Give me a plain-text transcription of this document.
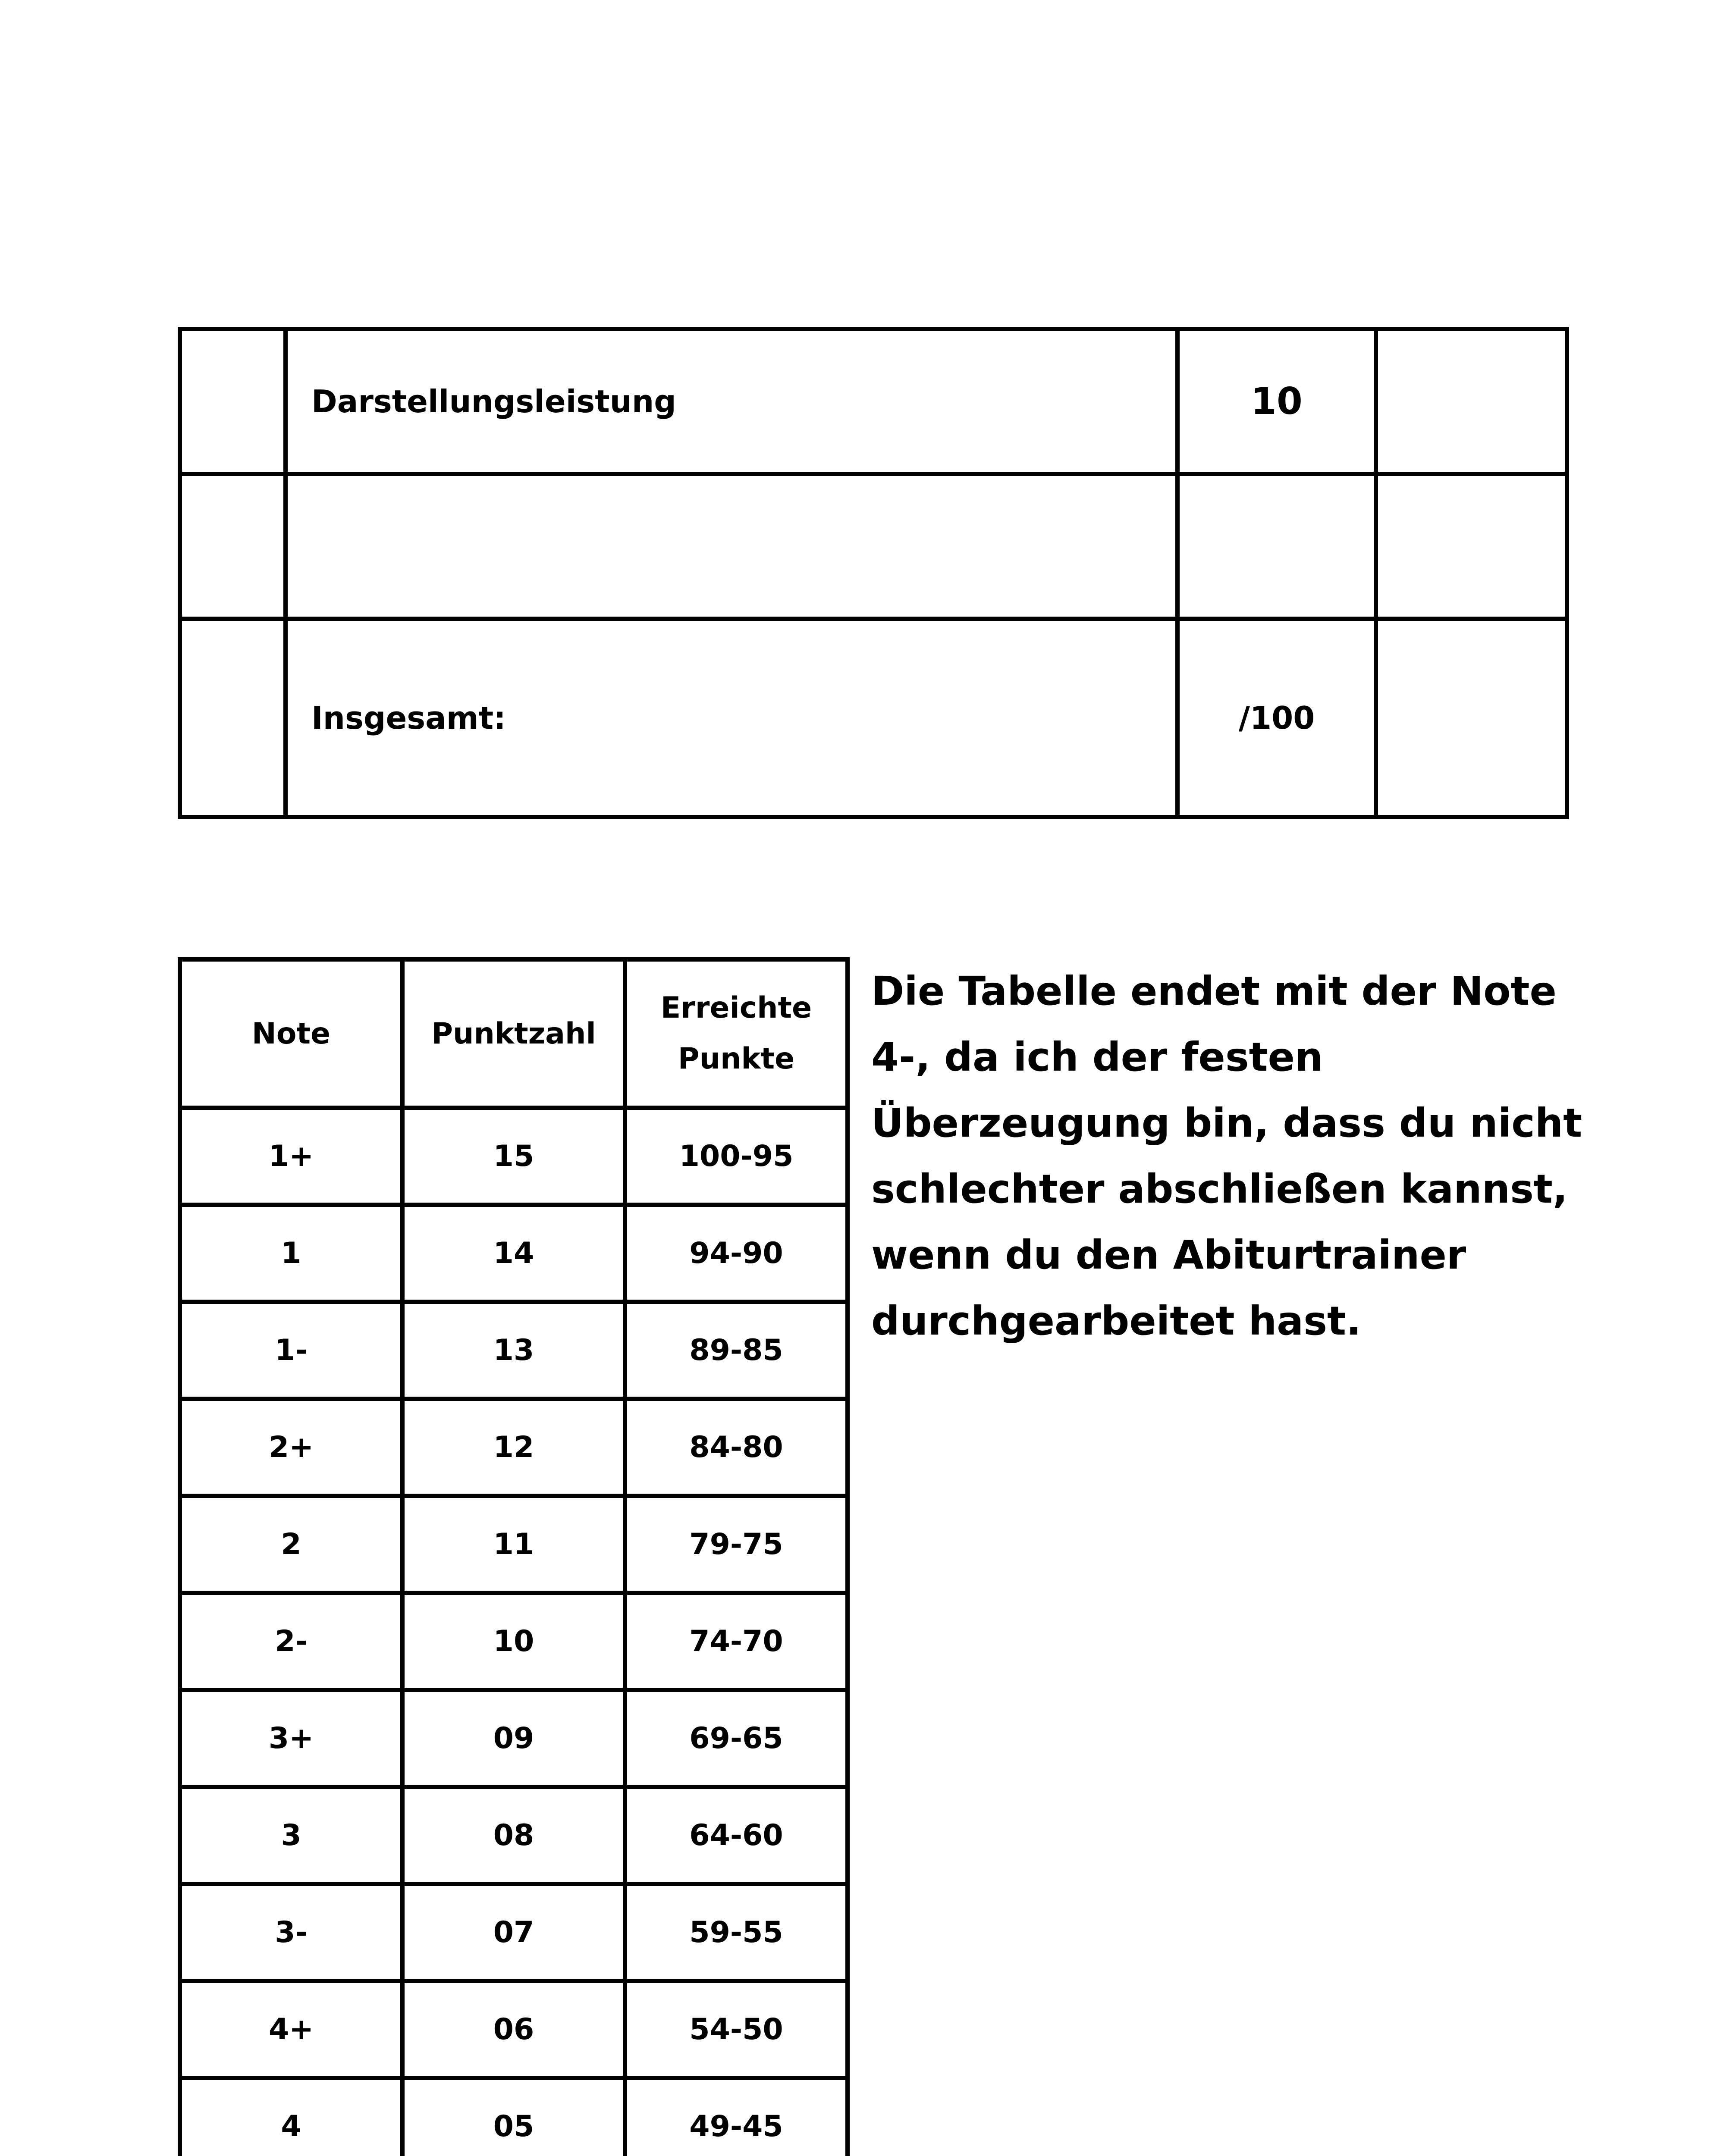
	Darstellungsleistung	10	

	Insgesamt:	/100	
Note	Punktzahl	Erreichte
Punkte

1+	15	100-95
1	14	94-90
1-	13	89-85
2+	12	84-80
2	11	79-75
2-	10	74-70
3+	09	69-65
3	08	64-60
3-	07	59-55
4+	06	54-50
4	05	49-45

Die Tabelle endet mit der Note
4-, da ich der festen
Überzeugung bin, dass du nicht
schlechter abschließen kannst,
wenn du den Abiturtrainer
durchgearbeitet hast.
